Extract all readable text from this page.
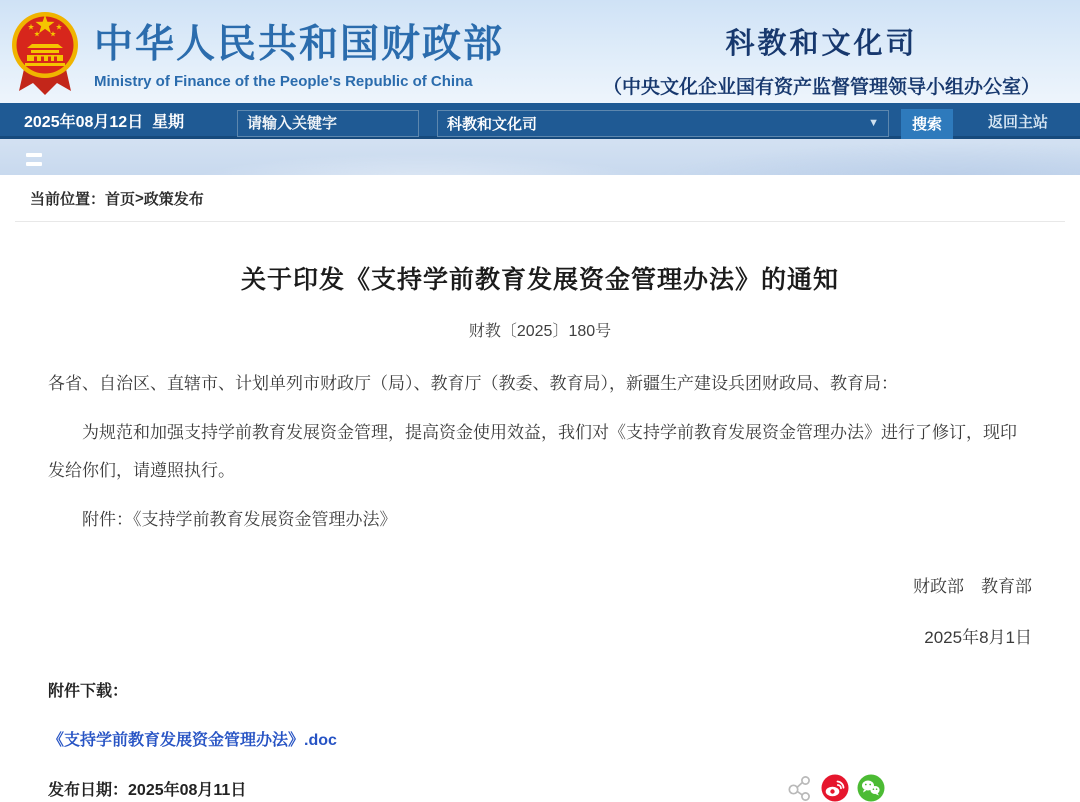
中华人民共和国财政部
Ministry of Finance of the People's Republic of China
科教和文化司
（中央文化企业国有资产监督管理领导小组办公室）
2025年08月12日  星期
请输入关键字	科教和文化司	▼	搜索	返回主站
当前位置： 首页 > 政策发布
关于印发《支持学前教育发展资金管理办法》的通知
财教〔2025〕180号

各省、自治区、直辖市、计划单列市财政厅（局）、教育厅（教委、教育局），新疆生产建设兵团财政局、教育局：

为规范和加强支持学前教育发展资金管理，提高资金使用效益，我们对《支持学前教育发展资金管理办法》进行了修订，现印发给你们，请遵照执行。

附件：《支持学前教育发展资金管理办法》

财政部　教育部
2025年8月1日
附件下载：
《支持学前教育发展资金管理办法》.doc
发布日期：2025年08月11日
